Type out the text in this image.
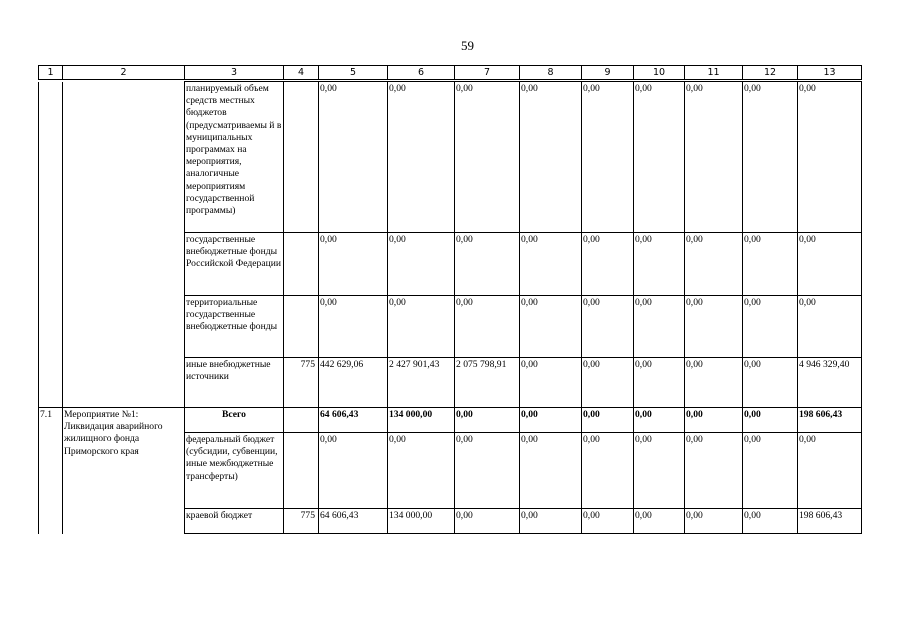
59
1	2	3	4	5	6	7	8	9	10	11	12	13
		планируемый объем средств местных бюджетов (предусматриваемы й в муниципальных программах на мероприятия, аналогичные мероприятиям государственной программы)		0,00	0,00	0,00	0,00	0,00	0,00	0,00	0,00	0,00
		государственные внебюджетные фонды Российской Федерации		0,00	0,00	0,00	0,00	0,00	0,00	0,00	0,00	0,00
		территориальные государственные внебюджетные фонды		0,00	0,00	0,00	0,00	0,00	0,00	0,00	0,00	0,00
		иные внебюджетные источники	775	442 629,06	2 427 901,43	2 075 798,91	0,00	0,00	0,00	0,00	0,00	4 946 329,40
7.1	Мероприятие №1: Ликвидация аварийного жилищного фонда Приморского края	Всего		64 606,43	134 000,00	0,00	0,00	0,00	0,00	0,00	0,00	198 606,43
		федеральный бюджет (субсидии, субвенции, иные межбюджетные трансферты)		0,00	0,00	0,00	0,00	0,00	0,00	0,00	0,00	0,00
		краевой бюджет	775	64 606,43	134 000,00	0,00	0,00	0,00	0,00	0,00	0,00	198 606,43
